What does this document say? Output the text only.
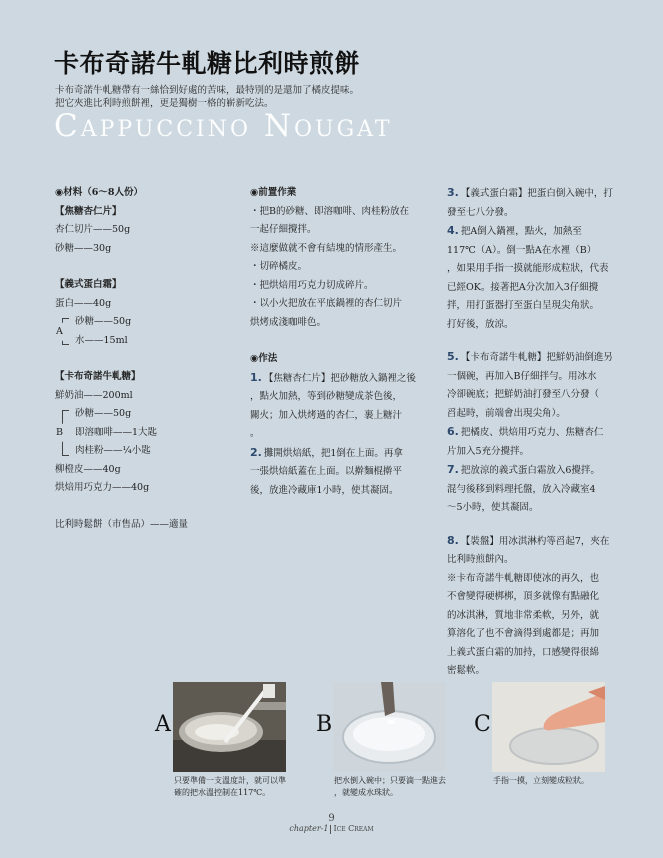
卡布奇諾牛軋糖比利時煎餅
卡布奇諾牛軋糖帶有一絲恰到好處的苦味，最特別的是還加了橘皮提味。
把它夾進比利時煎餅裡，更是獨樹一格的嶄新吃法。
Cappuccino Nougat
◉材料（6～8人份）
【焦糖杏仁片】
杏仁切片——50g
砂糖——30g
【義式蛋白霜】
蛋白——40g
A
砂糖——50g
水——15ml
【卡布奇諾牛軋糖】
鮮奶油——200ml
B
砂糖——50g
即溶咖啡——1大匙
肉桂粉——¼小匙
柳橙皮——40g
烘焙用巧克力——40g
比利時鬆餅（市售品）——適量
◉前置作業
・把B的砂糖、即溶咖啡、肉桂粉放在
一起仔細攪拌。
※這麼做就不會有結塊的情形產生。
・切碎橘皮。
・把烘焙用巧克力切成碎片。
・以小火把放在平底鍋裡的杏仁切片
烘烤成淺咖啡色。
◉作法
1. 【焦糖杏仁片】把砂糖放入鍋裡之後
，點火加熱，等到砂糖變成茶色後，
關火；加入烘烤過的杏仁，裹上糖汁
。
2. 攤開烘焙紙，把1倒在上面。再拿
一張烘焙紙蓋在上面。以擀麵棍擀平
後，放進冷藏庫1小時，使其凝固。
3. 【義式蛋白霜】把蛋白倒入碗中，打
發至七八分發。
4. 把A倒入鍋裡，點火，加熱至
117℃（A）。倒一點A在水裡（B）
，如果用手指一摸就能形成粒狀，代表
已經OK。接著把A分次加入3仔細攪
拌，用打蛋器打至蛋白呈現尖角狀。
打好後，放涼。
5. 【卡布奇諾牛軋糖】把鮮奶油倒進另
一個碗，再加入B仔細拌勻。用冰水
冷卻碗底；把鮮奶油打發至八分發（
舀起時，前端會出現尖角）。
6. 把橘皮、烘焙用巧克力、焦糖杏仁
片加入5充分攪拌。
7. 把放涼的義式蛋白霜放入6攪拌。
混勻後移到料理托盤，放入冷藏室4
～5小時，使其凝固。
8. 【裝盤】用冰淇淋杓等舀起7，夾在
比利時煎餅內。
※卡布奇諾牛軋糖即使冰的再久，也
不會變得硬梆梆，頂多就像有點融化
的冰淇淋，質地非常柔軟，另外，就
算溶化了也不會滴得到處都是；再加
上義式蛋白霜的加持，口感變得很綿
密鬆軟。
A
只要準備一支溫度計，就可以準
確的把水溫控制在117℃。
B
把水倒入碗中；只要滴一點進去
，就變成水珠狀。
C
手指一摸，立刻變成粒狀。
9
chapter-1 Ice Cream
